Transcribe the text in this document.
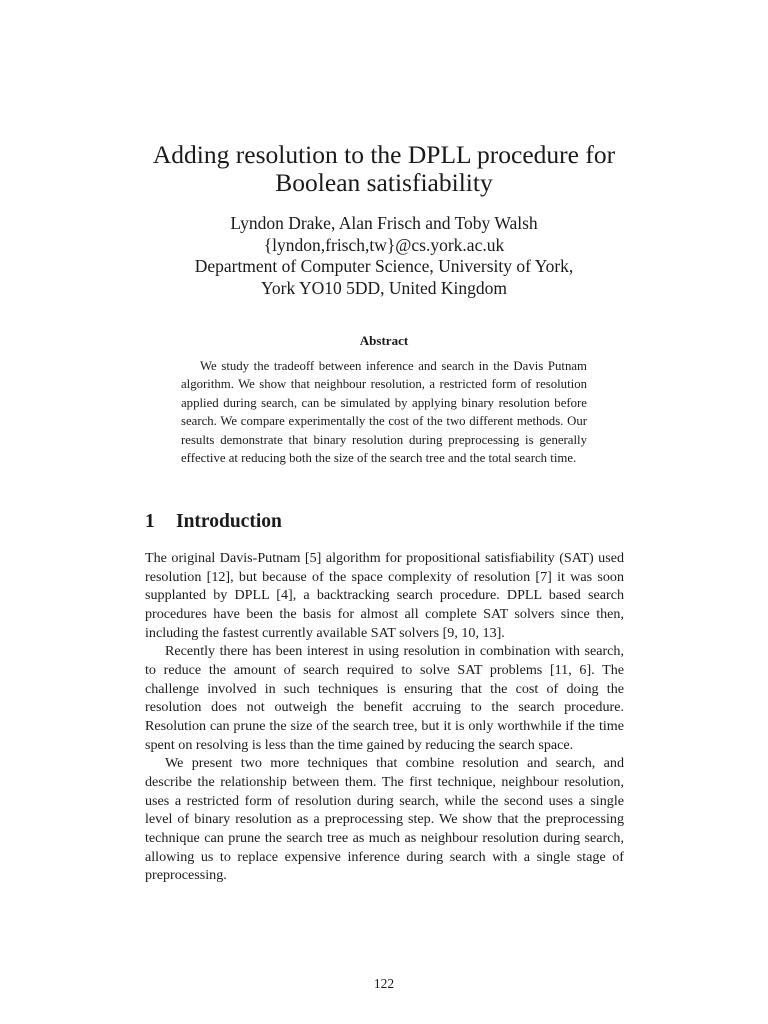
Adding resolution to the DPLL procedure for
Boolean satisfiability
Lyndon Drake, Alan Frisch and Toby Walsh
{lyndon,frisch,tw}@cs.york.ac.uk
Department of Computer Science, University of York,
York YO10 5DD, United Kingdom
Abstract

We study the tradeoff between inference and search in the Davis Putnam algorithm. We show that neighbour resolution, a restricted form of resolution applied during search, can be simulated by applying binary resolution before search. We compare experimentally the cost of the two different methods. Our results demonstrate that binary resolution during preprocessing is generally effective at reducing both the size of the search tree and the total search time.

1 Introduction

The original Davis-Putnam [5] algorithm for propositional satisfiability (SAT) used resolution [12], but because of the space complexity of resolution [7] it was soon supplanted by DPLL [4], a backtracking search procedure. DPLL based search procedures have been the basis for almost all complete SAT solvers since then, including the fastest currently available SAT solvers [9, 10, 13].

Recently there has been interest in using resolution in combination with search, to reduce the amount of search required to solve SAT problems [11, 6]. The challenge involved in such techniques is ensuring that the cost of doing the resolution does not outweigh the benefit accruing to the search procedure. Resolution can prune the size of the search tree, but it is only worthwhile if the time spent on resolving is less than the time gained by reducing the search space.

We present two more techniques that combine resolution and search, and describe the relationship between them. The first technique, neighbour resolution, uses a restricted form of resolution during search, while the second uses a single level of binary resolution as a preprocessing step. We show that the preprocessing technique can prune the search tree as much as neighbour resolution during search, allowing us to replace expensive inference during search with a single stage of preprocessing.

122
